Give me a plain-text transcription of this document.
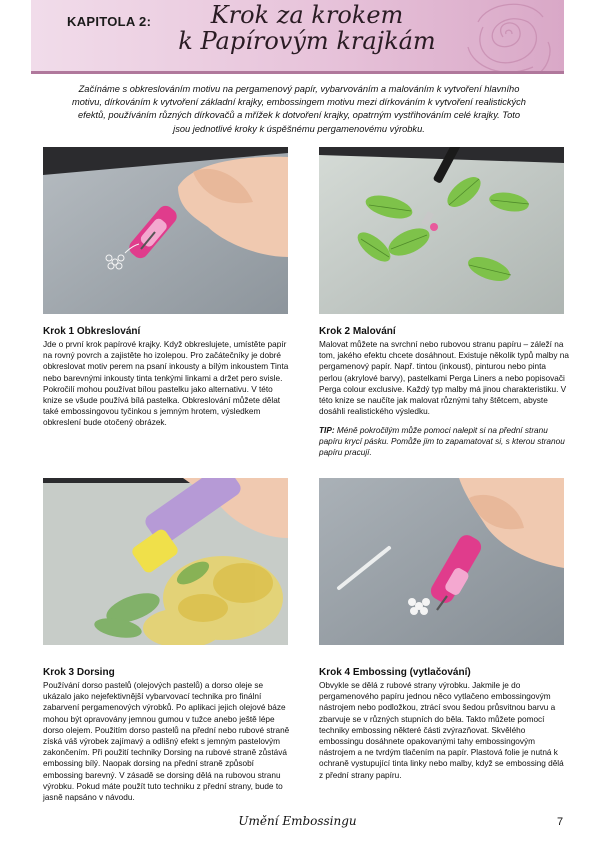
KAPITOLA 2:	Krok za krokem
k Papírovým krajkám
Začínáme s obkreslováním motivu na pergamenový papír, vybarvováním a malováním k vytvoření hlavního motivu, dírkováním k vytvoření základní krajky, embossingem motivu mezi dírkováním k vytvoření realistických efektů, používáním různých dírkovačů a mřížek k dotvoření krajky, opatrným vystřihováním celé krajky. Toto jsou jednotlivé kroky k úspěšnému pergamenovému výrobku.
Krok 1 Obkreslování

Jde o první krok papírové krajky. Když obkreslujete, umístěte papír na rovný povrch a zajistěte ho izolepou. Pro začátečníky je dobré obkreslovat motiv perem na psaní inkousty a bílým inkoustem Tinta nebo barevnými inkousty tinta tenkými linkami a držet pero svisle. Pokročilí mohou používat bílou pastelku jako alternativu. V této knize se všude používá bílá pastelka. Obkreslování můžete dělat také embossingovou tyčinkou s jemným hrotem, výsledkem obkreslení bude otočený obrázek.

Krok 2 Malování

Malovat můžete na svrchní nebo rubovou stranu papíru – záleží na tom, jakého efektu chcete dosáhnout. Existuje několik typů malby na pergamenový papír. Např. tintou (inkoust), pinturou nebo pinta perlou (akrylové barvy), pastelkami Perga Liners a nebo popisovači Perga colour exclusive. Každý typ malby má jinou charakteristiku. V této knize se naučíte jak malovat různými tahy štětcem, abyste dosáhli realistického výsledku.

TIP: Méně pokročilým může pomoci nalepit si na přední stranu papíru krycí pásku. Pomůže jim to zapamatovat si, s kterou stranou papíru pracují.
Krok 3 Dorsing

Používání dorso pastelů (olejových pastelů) a dorso oleje se ukázalo jako nejefektivnější vybarvovací technika pro finální zabarvení pergamenových výrobků. Po aplikaci jejich olejové báze mohou být opravovány jemnou gumou v tužce anebo ještě lépe dorso olejem. Použitím dorso pastelů na přední nebo rubové straně získá váš výrobek zajímavý a odlišný efekt s jemným pastelovým zakončením. Při použití techniky Dorsing na rubové straně zůstává embossing bílý. Naopak dorsing na přední straně způsobí embossing barevný. V zásadě se dorsing dělá na rubovou stranu výrobku. Pokud máte použít tuto techniku z přední strany, bude to jasně napsáno v návodu.

Krok 4 Embossing (vytlačování)

Obvykle se dělá z rubové strany výrobku. Jakmile je do pergamenového papíru jednou něco vytlačeno embossingovým nástrojem nebo podložkou, ztrácí svou šedou průsvitnou barvu a zbarvuje se v různých stupních do běla. Takto můžete pomocí techniky embossing některé části zvýrazňovat. Skvělého embossingu dosáhnete opakovanými tahy embossingovým nástrojem a ne tvrdým tlačením na papír. Plastová folie je nutná k ochraně vystupující tinta linky nebo malby, když se embossing dělá z přední strany papíru.

Umění Embossingu	7
